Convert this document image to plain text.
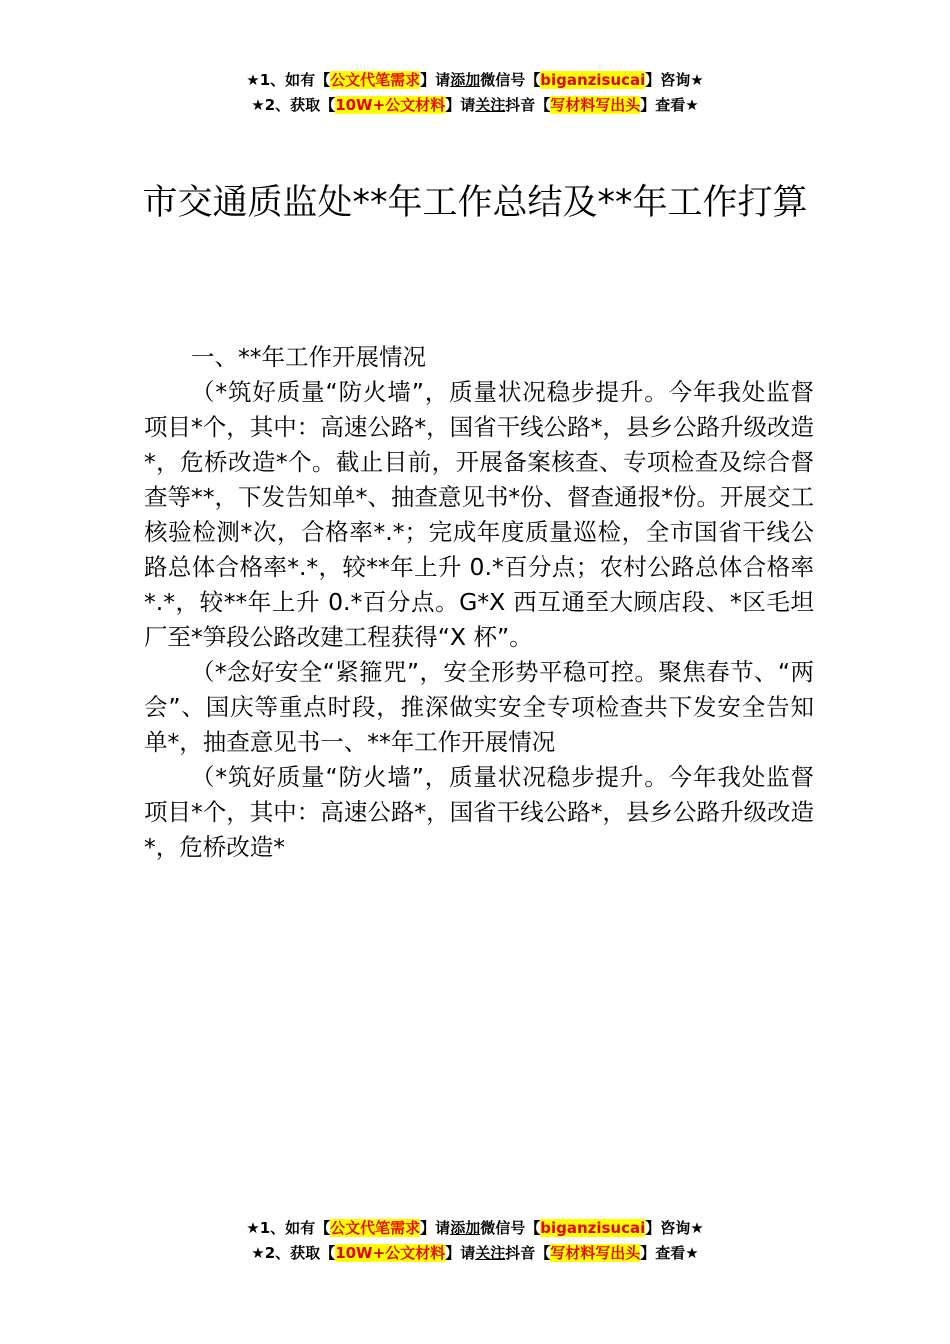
★1、如有【公文代笔需求】请添加微信号【biganzisucai】咨询★
★2、获取【10W+公文材料】请关注抖音【写材料写出头】查看★
市交通质监处**年工作总结及**年工作打算

一、**年工作开展情况

（*筑好质量“防火墙”，质量状况稳步提升。今年我处监督项目*个，其中：高速公路*，国省干线公路*，县乡公路升级改造*，危桥改造*个。截止目前，开展备案核查、专项检查及综合督查等**，下发告知单*、抽查意见书*份、督查通报*份。开展交工核验检测*次，合格率*.*；完成年度质量巡检，全市国省干线公路总体合格率*.*，较**年上升 0.*百分点；农村公路总体合格率*.*，较**年上升 0.*百分点。G*X 西互通至大顾店段、*区毛坦厂至*笋段公路改建工程获得“X 杯”。

（*念好安全“紧箍咒”，安全形势平稳可控。聚焦春节、“两会”、国庆等重点时段，推深做实安全专项检查共下发安全告知单*，抽查意见书一、**年工作开展情况

（*筑好质量“防火墙”，质量状况稳步提升。今年我处监督项目*个，其中：高速公路*，国省干线公路*，县乡公路升级改造*，危桥改造*

★1、如有【公文代笔需求】请添加微信号【biganzisucai】咨询★
★2、获取【10W+公文材料】请关注抖音【写材料写出头】查看★
